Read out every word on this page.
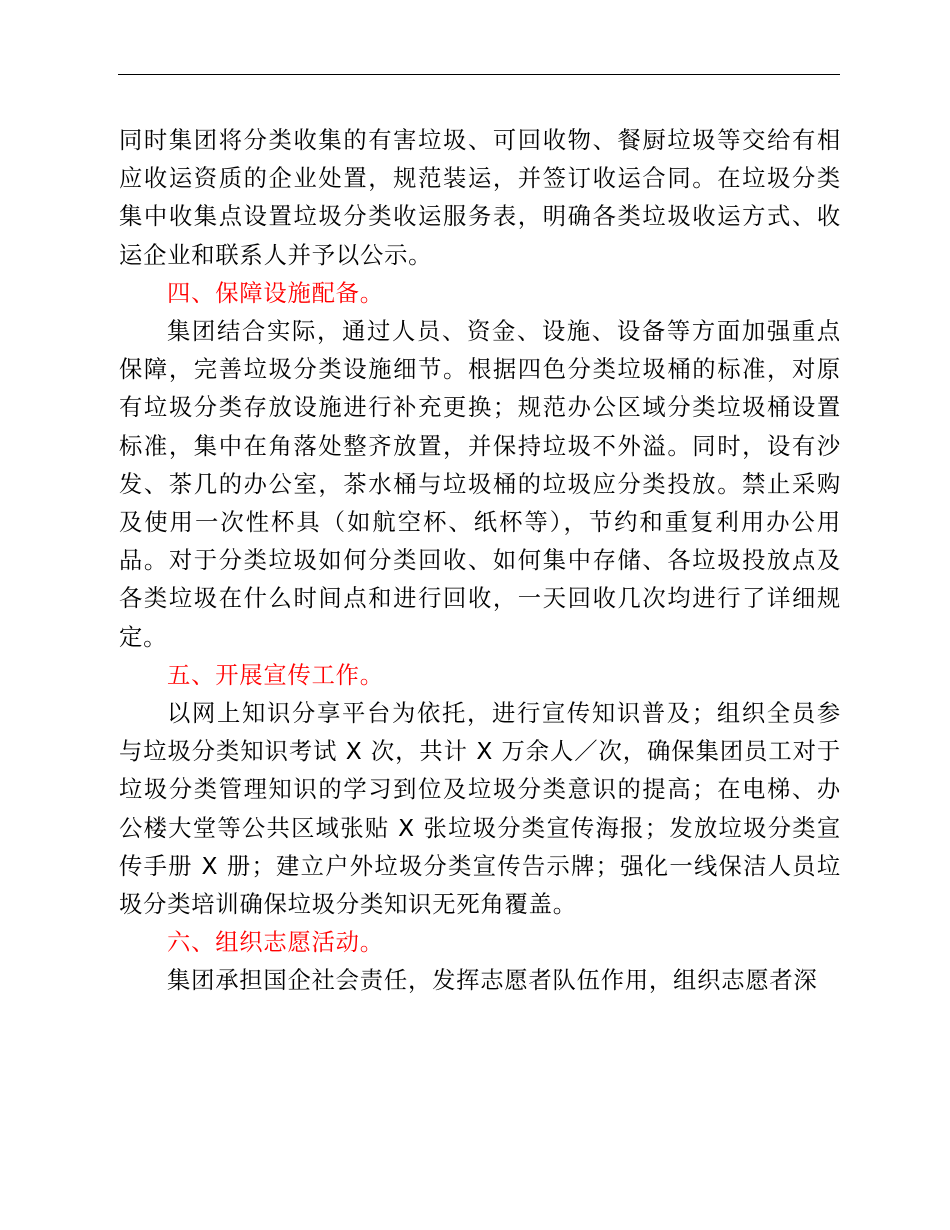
同时集团将分类收集的有害垃圾、可回收物、餐厨垃圾等交给有相应收运资质的企业处置，规范装运，并签订收运合同。在垃圾分类集中收集点设置垃圾分类收运服务表，明确各类垃圾收运方式、收运企业和联系人并予以公示。

四、保障设施配备。

集团结合实际，通过人员、资金、设施、设备等方面加强重点保障，完善垃圾分类设施细节。根据四色分类垃圾桶的标准，对原有垃圾分类存放设施进行补充更换；规范办公区域分类垃圾桶设置标准，集中在角落处整齐放置，并保持垃圾不外溢。同时，设有沙发、茶几的办公室，茶水桶与垃圾桶的垃圾应分类投放。禁止采购及使用一次性杯具（如航空杯、纸杯等），节约和重复利用办公用品。对于分类垃圾如何分类回收、如何集中存储、各垃圾投放点及各类垃圾在什么时间点和进行回收，一天回收几次均进行了详细规定。

五、开展宣传工作。

以网上知识分享平台为依托，进行宣传知识普及；组织全员参与垃圾分类知识考试 X 次，共计 X 万余人／次，确保集团员工对于垃圾分类管理知识的学习到位及垃圾分类意识的提高；在电梯、办公楼大堂等公共区域张贴 X 张垃圾分类宣传海报；发放垃圾分类宣传手册 X 册；建立户外垃圾分类宣传告示牌；强化一线保洁人员垃圾分类培训确保垃圾分类知识无死角覆盖。

六、组织志愿活动。

集团承担国企社会责任，发挥志愿者队伍作用，组织志愿者深
